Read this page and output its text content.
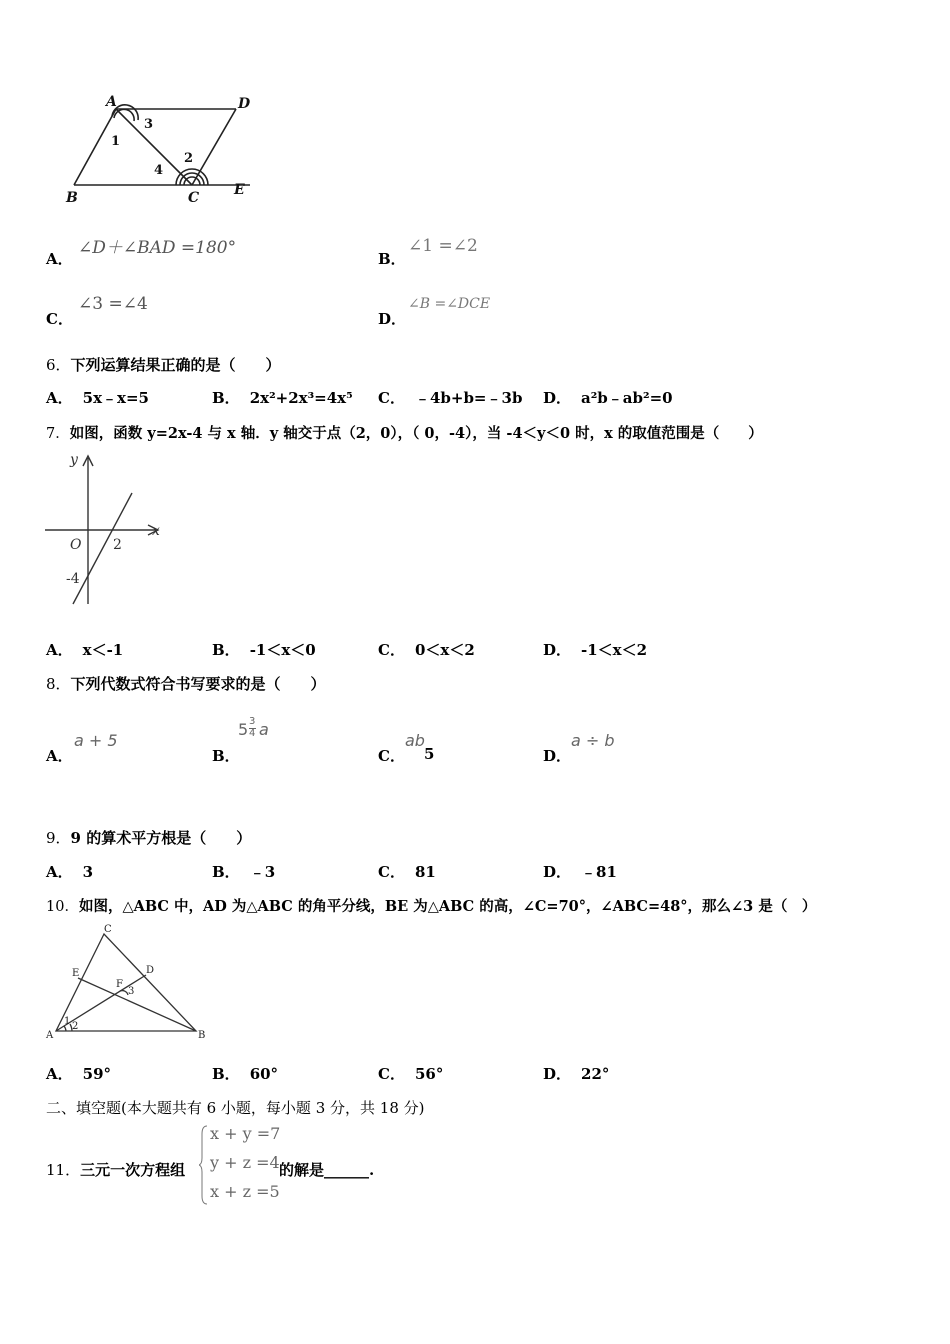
A	D
B	C E
1
3
2
4
A．
∠D＋∠BAD =180°
B．
∠1 =∠2
C．
∠3 =∠4
D．
∠B =∠DCE
6．下列运算结果正确的是（　　）
A． 5x﹣x=5	B． 2x²+2x³=4x⁵ C． ﹣4b+b=﹣3b D． a²b﹣ab²=0
7．如图，函数 y=2x-4 与 x 轴．y 轴交于点（2，0），（ 0，-4），当 -4＜y＜0 时，x 的取值范围是（　　）
y
x
O 2
-4
A． x＜-1	B． -1＜x＜0	C． 0＜x＜2	D． -1＜x＜2
8．下列代数式符合书写要求的是（　　）
A．
a + 5
B．
5 3
4 a
C．
ab
5	D．
a ÷ b
9．9 的算术平方根是（　　）
A． 3	B． ﹣3	C． 81	D． ﹣81
10．如图，△ABC 中，AD 为△ABC 的角平分线，BE 为△ABC 的高，∠C=70°，∠ABC=48°，那么∠3 是（　）
C
E	D
F
3
A
1 2
B
A． 59°	B． 60°	C． 56°	D． 22°
二、填空题(本大题共有 6 小题，每小题 3 分，共 18 分)
11．三元一次方程组
x + y =7
y + z =4
x + z =5
的解是______.
